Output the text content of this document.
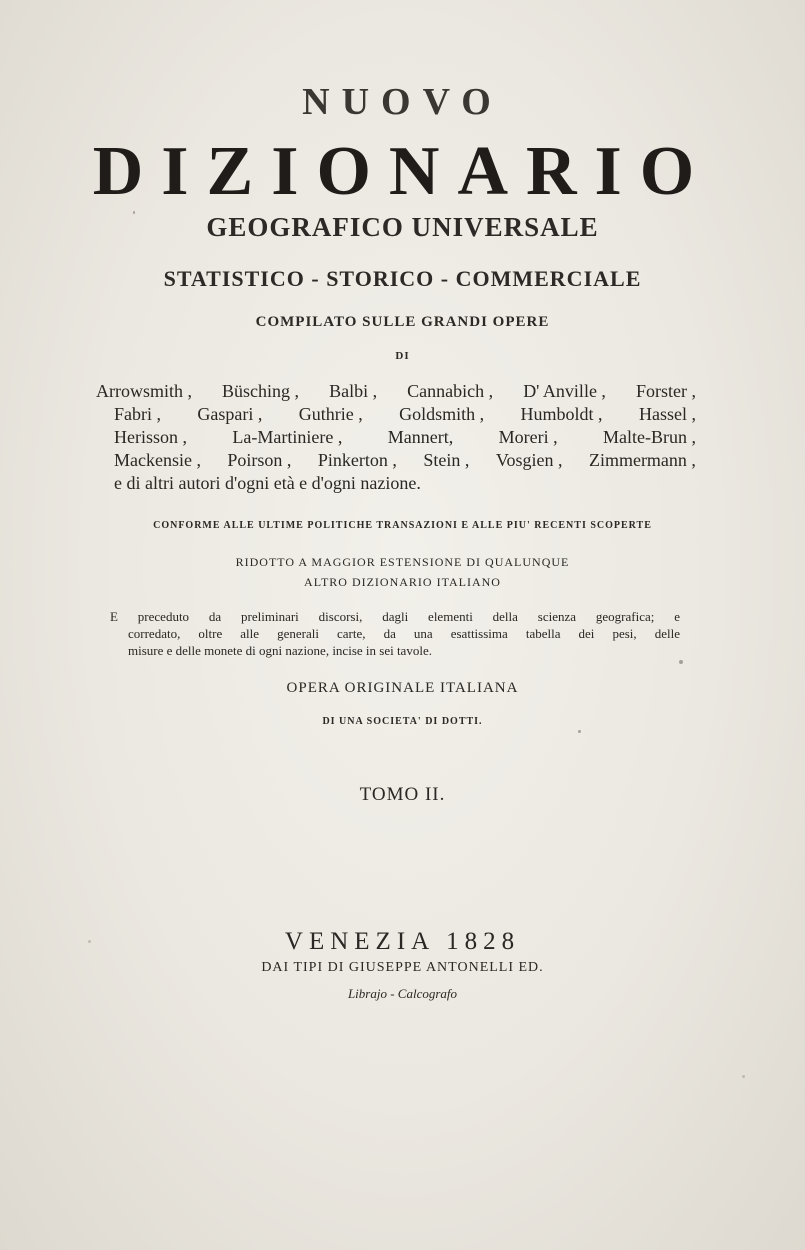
NUOVO
DIZIONARIO
GEOGRAFICO UNIVERSALE
STATISTICO - STORICO - COMMERCIALE
COMPILATO SULLE GRANDI OPERE
DI
Arrowsmith , Büsching , Balbi , Cannabich , D' Anville , Forster ,
Fabri , Gaspari , Guthrie , Goldsmith , Humboldt , Hassel ,
Herisson ,	La-Martiniere ,	Mannert,	Moreri ,	Malte-Brun ,
Mackensie , Poirson , Pinkerton , Stein , Vosgien , Zimmermann ,
e di altri autori d'ogni età e d'ogni nazione.
CONFORME ALLE ULTIME POLITICHE TRANSAZIONI E ALLE PIU' RECENTI SCOPERTE
RIDOTTO A MAGGIOR ESTENSIONE DI QUALUNQUE
ALTRO DIZIONARIO ITALIANO
E preceduto da preliminari discorsi, dagli elementi della scienza geografica; e
corredato, oltre alle generali carte, da una esattissima tabella dei pesi, delle
misure e delle monete di ogni nazione, incise in sei tavole.
OPERA ORIGINALE ITALIANA
DI UNA SOCIETA' DI DOTTI.
TOMO II.
VENEZIA 1828
DAI TIPI DI GIUSEPPE ANTONELLI ED.
Librajo - Calcografo
